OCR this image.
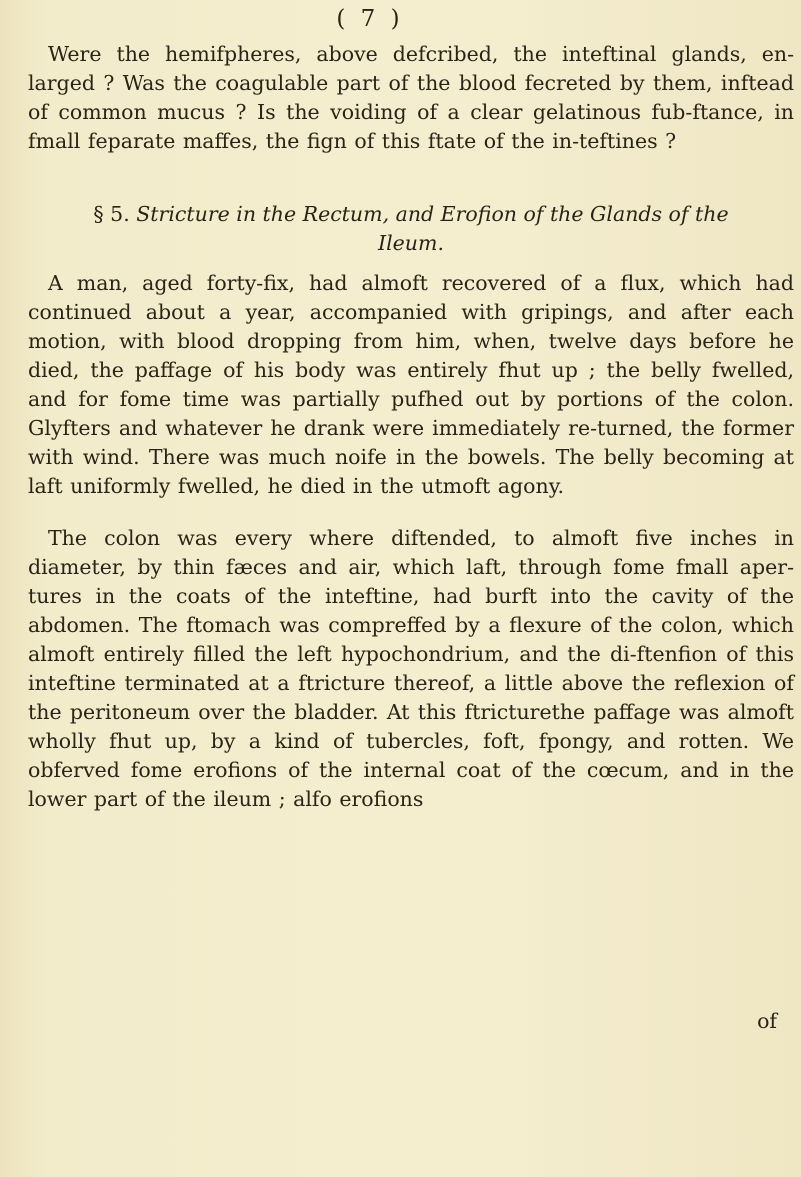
( 7 )

Were the hemifpheres, above defcribed, the inteftinal glands, en-larged ? Was the coagulable part of the blood fecreted by them, inftead of common mucus ? Is the voiding of a clear gelatinous fub-ftance, in fmall feparate maffes, the fign of this ftate of the in-teftines ?

§ 5. Stricture in the Rectum, and Erofion of the Glands of the
Ileum.

A man, aged forty-fix, had almoft recovered of a flux, which had continued about a year, accompanied with gripings, and after each motion, with blood dropping from him, when, twelve days before he died, the paffage of his body was entirely fhut up ; the belly fwelled, and for fome time was partially pufhed out by portions of the colon. Glyfters and whatever he drank were immediately re-turned, the former with wind. There was much noife in the bowels. The belly becoming at laft uniformly fwelled, he died in the utmoft agony.

The colon was every where diftended, to almoft five inches in diameter, by thin fæces and air, which laft, through fome fmall aper-tures in the coats of the inteftine, had burft into the cavity of the abdomen. The ftomach was compreffed by a flexure of the colon, which almoft entirely filled the left hypochondrium, and the di-ftenfion of this inteftine terminated at a ftricture thereof, a little above the reflexion of the peritoneum over the bladder. At this ftricturethe paffage was almoft wholly fhut up, by a kind of tubercles, foft, fpongy, and rotten. We obferved fome erofions of the internal coat of the cœcum, and in the lower part of the ileum ; alfo erofions

of
